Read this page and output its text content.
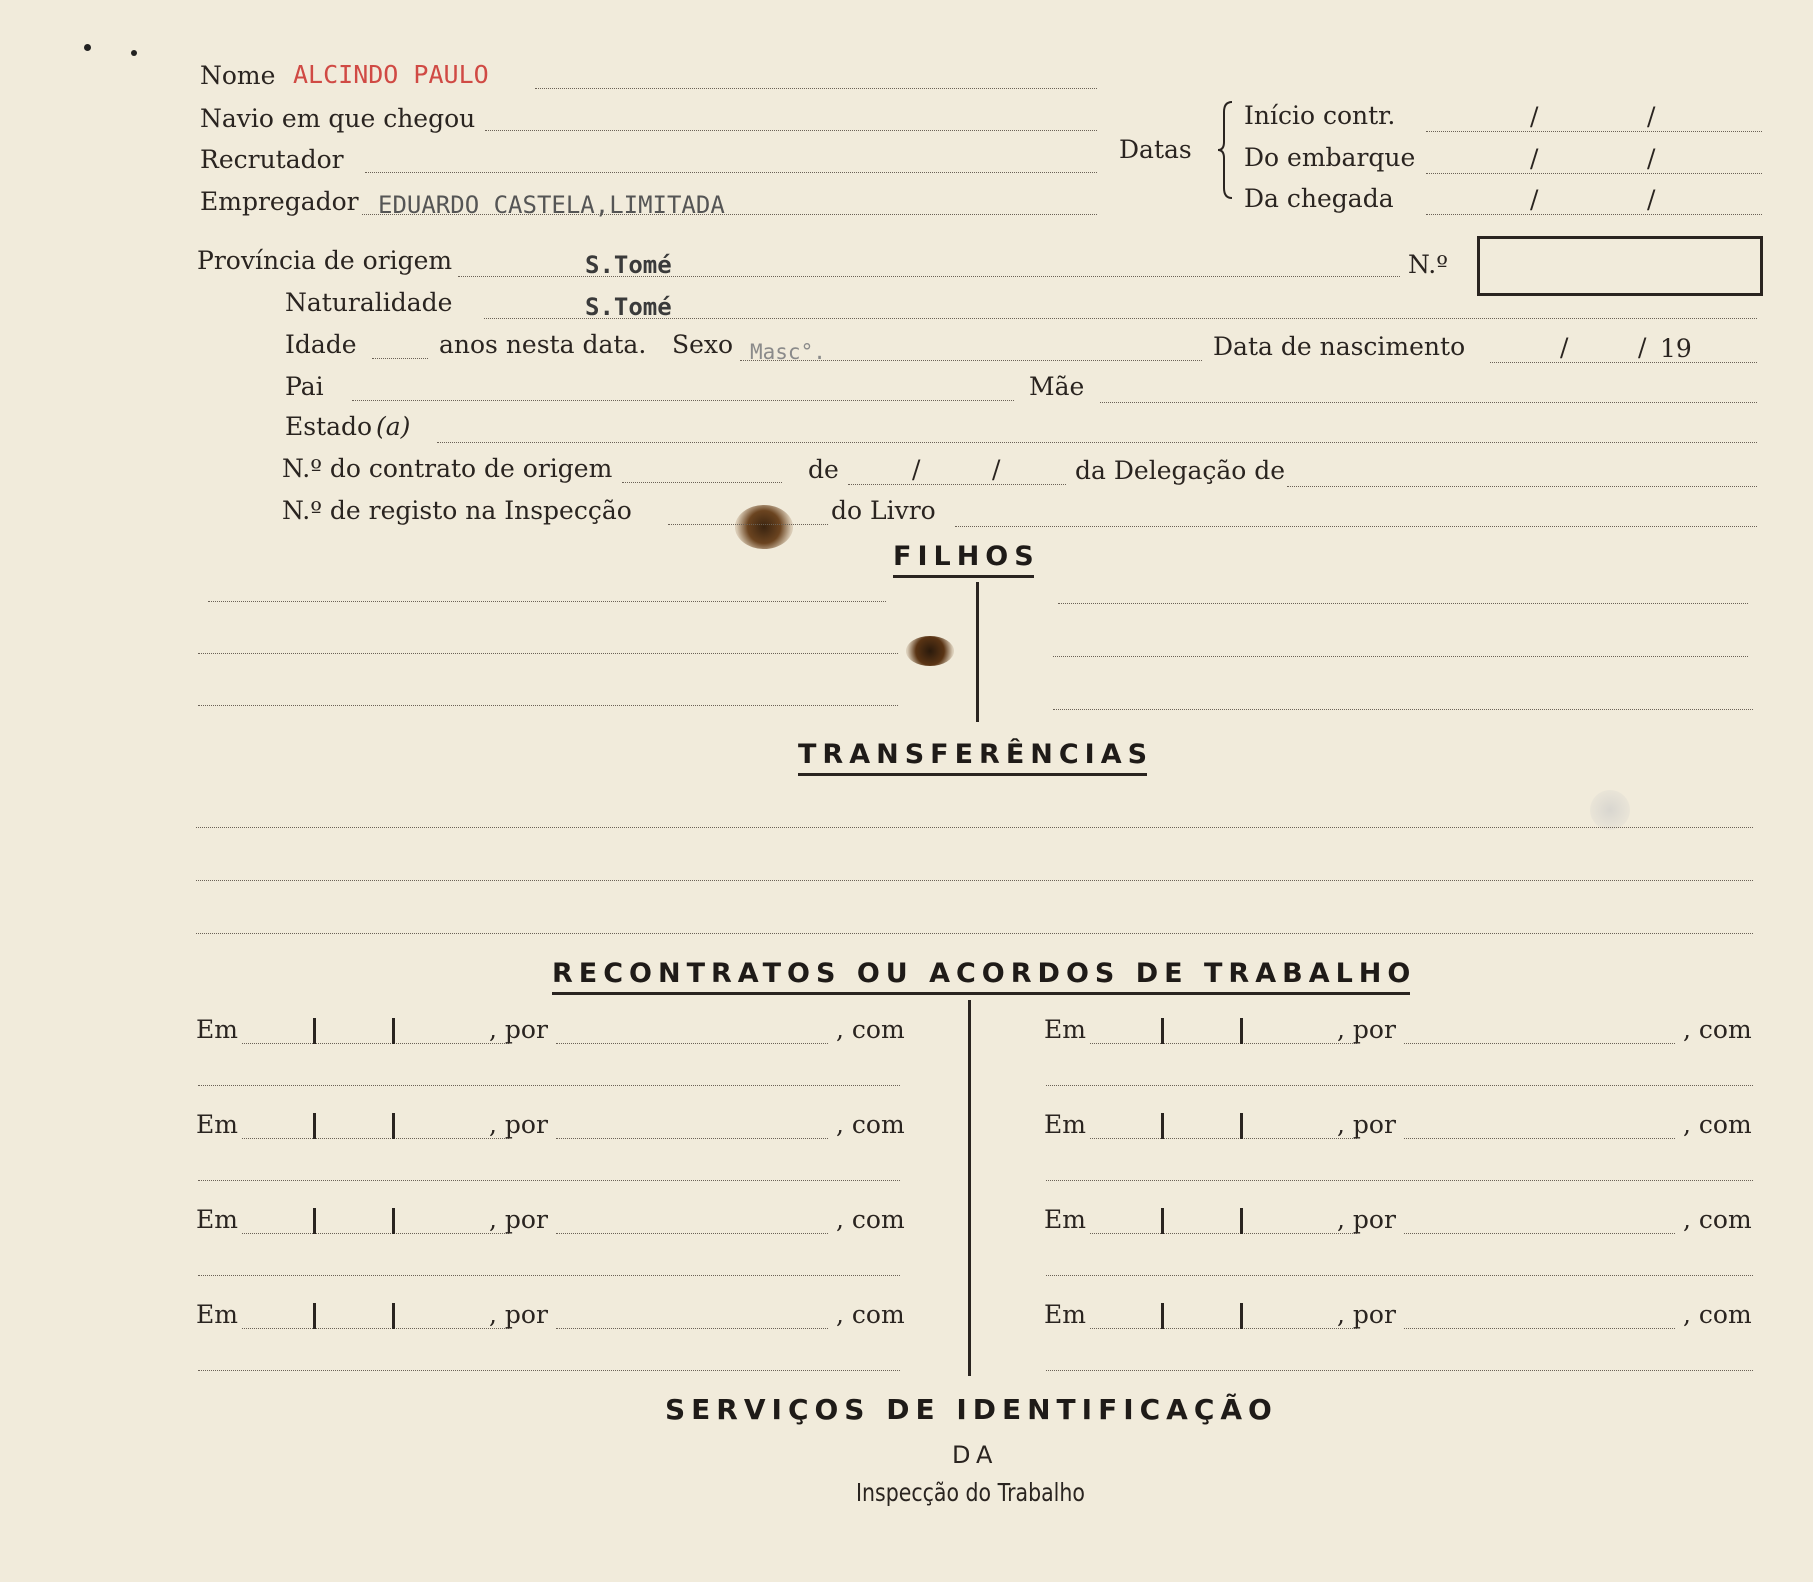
Nome ALCINDO PAULO
Navio em que chegou
Recrutador
Empregador EDUARDO CASTELA,LIMITADA
Datas
Início contr.	/	/
Do embarque	/	/
Da chegada	/	/
Província de origem	S.Tomé	N.º
Naturalidade	S.Tomé
Idade	anos nesta data. Sexo Masc°.	Data de nascimento	/	/ 19
Pai	Mãe
Estado (a)
N.º do contrato de origem	de	/	/	da Delegação de
N.º de registo na Inspecção	do Livro
FILHOS
TRANSFERÊNCIAS
RECONTRATOS OU ACORDOS DE TRABALHO
Em	, por	, com
Em	, por	, com
Em	, por	, com
Em	, por	, com
Em	, por	, com
Em	, por	, com
Em	, por	, com
Em	, por	, com
SERVIÇOS DE IDENTIFICAÇÃO
DA
Inspecção do Trabalho
